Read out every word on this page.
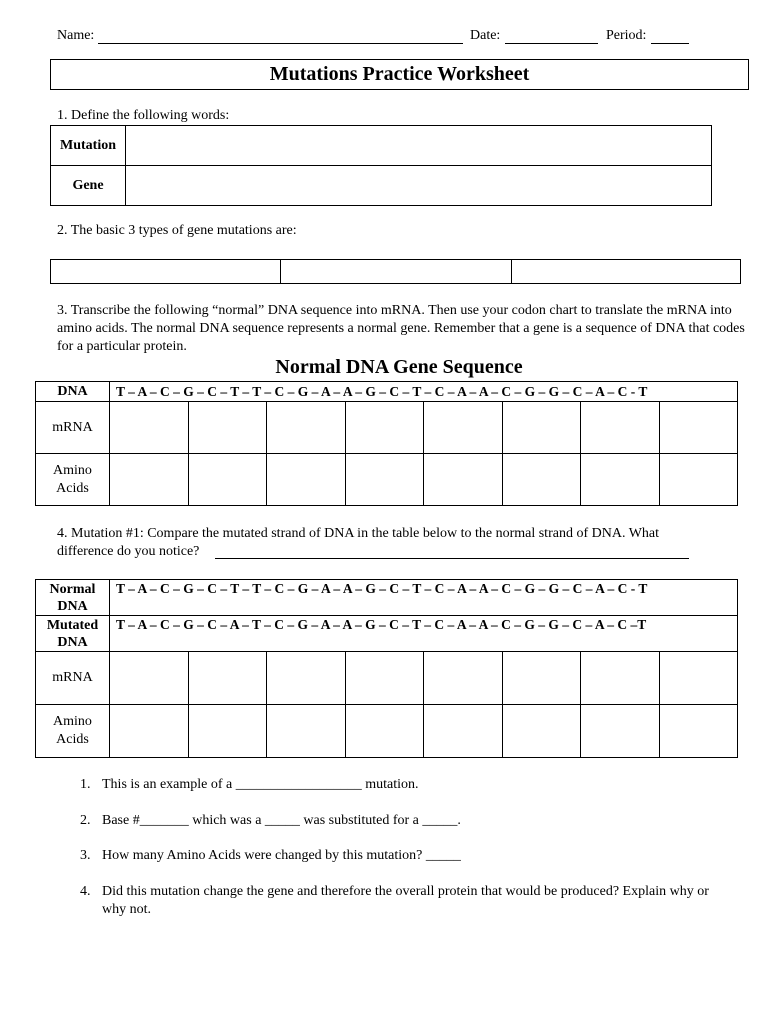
Name:	Date:	Period:
Mutations Practice Worksheet
1. Define the following words:
Mutation	
Gene	
2. The basic 3 types of gene mutations are:

3. Transcribe the following “normal” DNA sequence into mRNA. Then use your codon chart to translate the mRNA into amino acids. The normal DNA sequence represents a normal gene. Remember that a gene is a sequence of DNA that codes for a particular protein.
Normal DNA Gene Sequence
DNA	T – A – C – G – C – T – T – C – G – A – A – G – C – T – C – A – A – C – G – G – C – A – C - T							
mRNA								

Amino
Acids								

4. Mutation #1: Compare the mutated strand of DNA in the table below to the normal strand of DNA. What
difference do you notice?
Normal
DNA	T – A – C – G – C – T – T – C – G – A – A – G – C – T – C – A – A – C – G – G – C – A – C - T							

Mutated
DNA	T – A – C – G – C – A – T – C – G – A – A – G – C – T – C – A – A – C – G – G – C – A – C –T							
mRNA								

Amino
Acids								

1. This is an example of a __________________ mutation.
2. Base #_______ which was a _____ was substituted for a _____.
3. How many Amino Acids were changed by this mutation? _____
4. Did this mutation change the gene and therefore the overall protein that would be produced? Explain why or why not.
